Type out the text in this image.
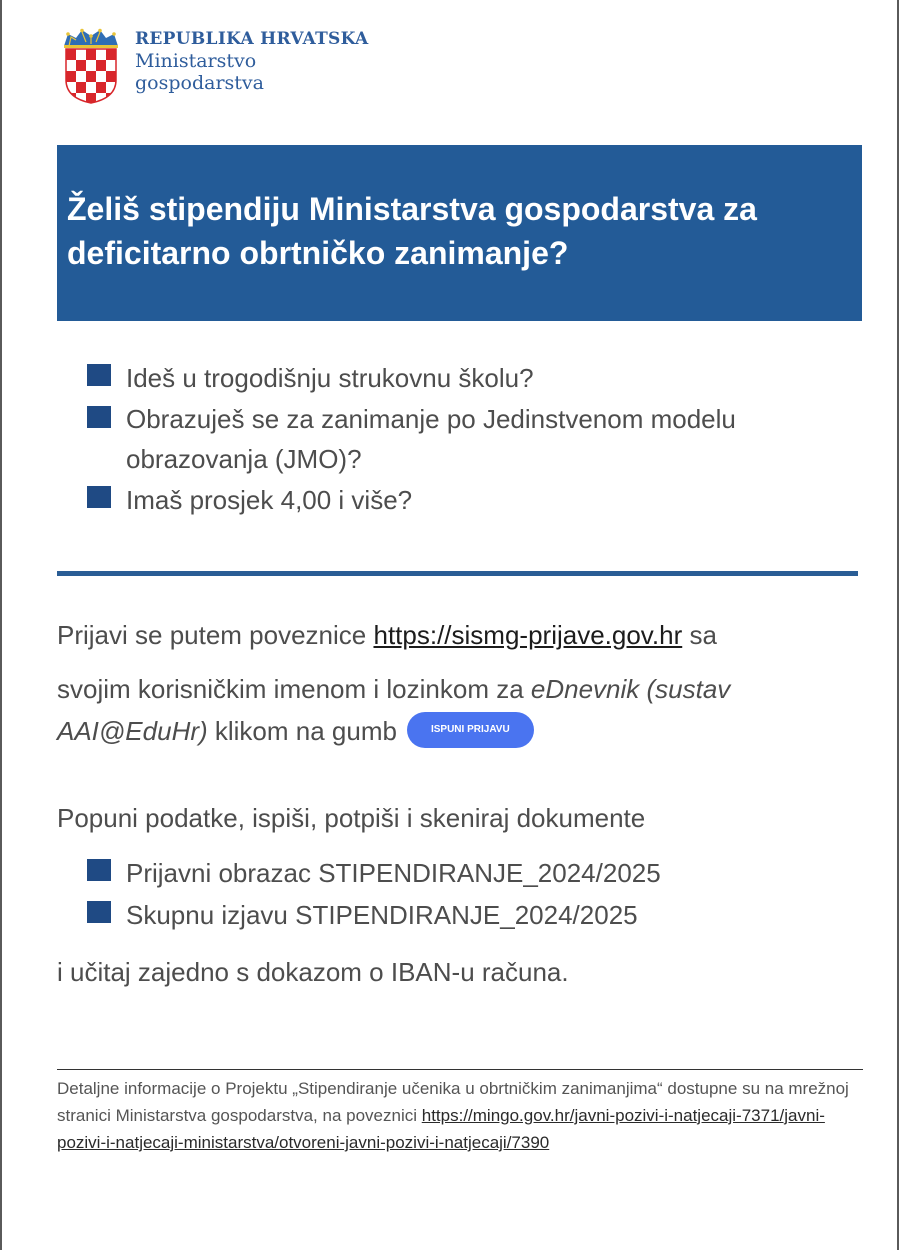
REPUBLIKA HRVATSKA
Ministarstvo
gospodarstva
Želiš stipendiju Ministarstva gospodarstva za deficitarno obrtničko zanimanje?
Ideš u trogodišnju strukovnu školu?
Obrazuješ se za zanimanje po Jedinstvenom modelu obrazovanja (JMO)?
Imaš prosjek 4,00 i više?

Prijavi se putem poveznice https://sismg-prijave.gov.hr sa
svojim korisničkim imenom i lozinkom za eDnevnik (sustav
AAI@EduHr) klikom na gumb	ISPUNI PRIJAVU

Popuni podatke, ispiši, potpiši i skeniraj dokumente

Prijavni obrazac STIPENDIRANJE_2024/2025
Skupnu izjavu STIPENDIRANJE_2024/2025

i učitaj zajedno s dokazom o IBAN-u računa.

Detaljne informacije o Projektu „Stipendiranje učenika u obrtničkim zanimanjima“ dostupne su na mrežnoj stranici Ministarstva gospodarstva, na poveznici https://mingo.gov.hr/javni-pozivi-i-natjecaji-7371/javni-pozivi-i-natjecaji-ministarstva/otvoreni-javni-pozivi-i-natjecaji/7390
